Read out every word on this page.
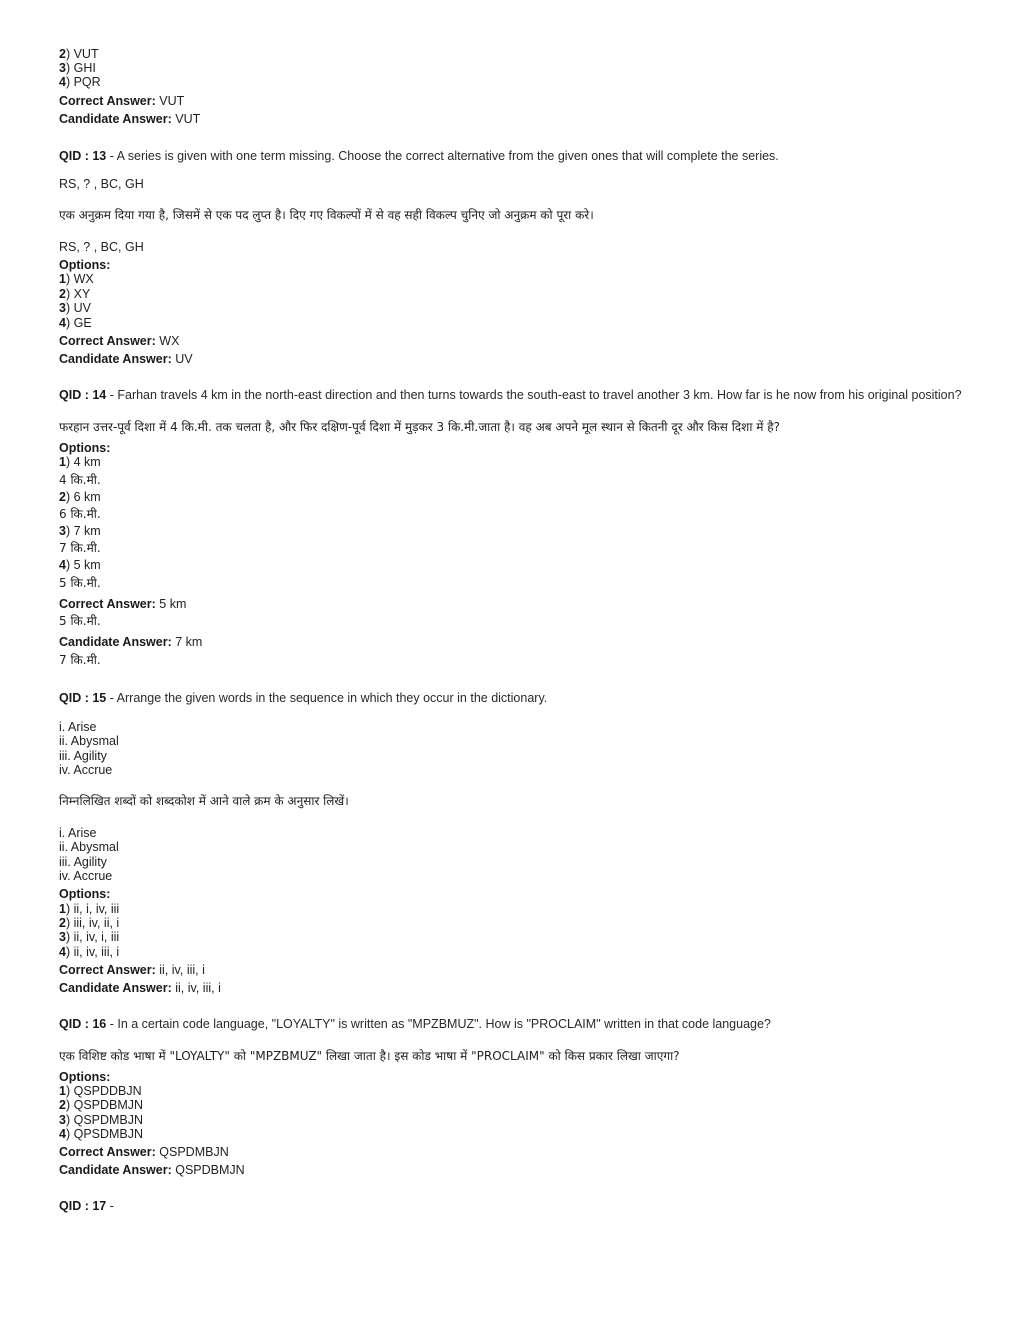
2) VUT
3) GHI
4) PQR
Correct Answer: VUT
Candidate Answer: VUT
QID : 13 - A series is given with one term missing. Choose the correct alternative from the given ones that will complete the series.
RS, ? , BC, GH
एक अनुक्रम दिया गया है, जिसमें से एक पद लुप्त है। दिए गए विकल्पों में से वह सही विकल्प चुनिए जो अनुक्रम को पूरा करे।
RS, ? , BC, GH
Options:
1) WX
2) XY
3) UV
4) GE
Correct Answer: WX
Candidate Answer: UV
QID : 14 - Farhan travels 4 km in the north-east direction and then turns towards the south-east to travel another 3 km. How far is he now from his original position?
फरहान उत्तर-पूर्व दिशा में 4 कि.मी. तक चलता है, और फिर दक्षिण-पूर्व दिशा में मुड़कर 3 कि.मी.जाता है। वह अब अपने मूल स्थान से कितनी दूर और किस दिशा में है?
Options:
1) 4 km
4 कि.मी.
2) 6 km
6 कि.मी.
3) 7 km
7 कि.मी.
4) 5 km
5 कि.मी.
Correct Answer: 5 km
5 कि.मी.
Candidate Answer: 7 km
7 कि.मी.
QID : 15 - Arrange the given words in the sequence in which they occur in the dictionary.
i. Arise
ii. Abysmal
iii. Agility
iv. Accrue
निम्नलिखित शब्दों को शब्दकोश में आने वाले क्रम के अनुसार लिखें।
i. Arise
ii. Abysmal
iii. Agility
iv. Accrue
Options:
1) ii, i, iv, iii
2) iii, iv, ii, i
3) ii, iv, i, iii
4) ii, iv, iii, i
Correct Answer: ii, iv, iii, i
Candidate Answer: ii, iv, iii, i
QID : 16 - In a certain code language, "LOYALTY" is written as "MPZBMUZ". How is "PROCLAIM" written in that code language?
एक विशिष्ट कोड भाषा में "LOYALTY" को "MPZBMUZ" लिखा जाता है। इस कोड भाषा में "PROCLAIM" को किस प्रकार लिखा जाएगा?
Options:
1) QSPDDBJN
2) QSPDBMJN
3) QSPDMBJN
4) QPSDMBJN
Correct Answer: QSPDMBJN
Candidate Answer: QSPDBMJN
QID : 17 -
